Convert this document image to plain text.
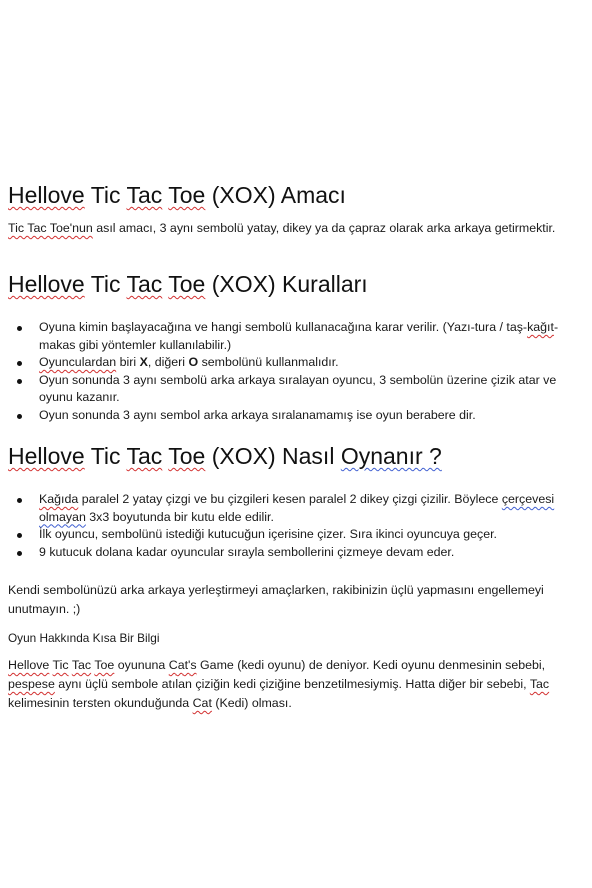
Hellove Tic Tac Toe (XOX) Amacı

Tic Tac Toe'nun asıl amacı, 3 aynı sembolü yatay, dikey ya da çapraz olarak arka arkaya getirmektir.

Hellove Tic Tac Toe (XOX) Kuralları
Oyuna kimin başlayacağına ve hangi sembolü kullanacağına karar verilir. (Yazı-tura / taş-kağıt-makas gibi yöntemler kullanılabilir.)
Oyunculardan biri X, diğeri O sembolünü kullanmalıdır.
Oyun sonunda 3 aynı sembolü arka arkaya sıralayan oyuncu, 3 sembolün üzerine çizik atar ve oyunu kazanır.
Oyun sonunda 3 aynı sembol arka arkaya sıralanamamış ise oyun berabere dir.
Hellove Tic Tac Toe (XOX) Nasıl Oynanır ?
Kağıda paralel 2 yatay çizgi ve bu çizgileri kesen paralel 2 dikey çizgi çizilir. Böylece çerçevesi olmayan 3x3 boyutunda bir kutu elde edilir.
İlk oyuncu, sembolünü istediği kutucuğun içerisine çizer. Sıra ikinci oyuncuya geçer.
9 kutucuk dolana kadar oyuncular sırayla sembollerini çizmeye devam eder.

Kendi sembolünüzü arka arkaya yerleştirmeyi amaçlarken, rakibinizin üçlü yapmasını engellemeyi unutmayın. ;)

Oyun Hakkında Kısa Bir Bilgi

Hellove Tic Tac Toe oyununa Cat's Game (kedi oyunu) de deniyor. Kedi oyunu denmesinin sebebi, pespese aynı üçlü sembole atılan çiziğin kedi çiziğine benzetilmesiymiş. Hatta diğer bir sebebi, Tac kelimesinin tersten okunduğunda Cat (Kedi) olması.
